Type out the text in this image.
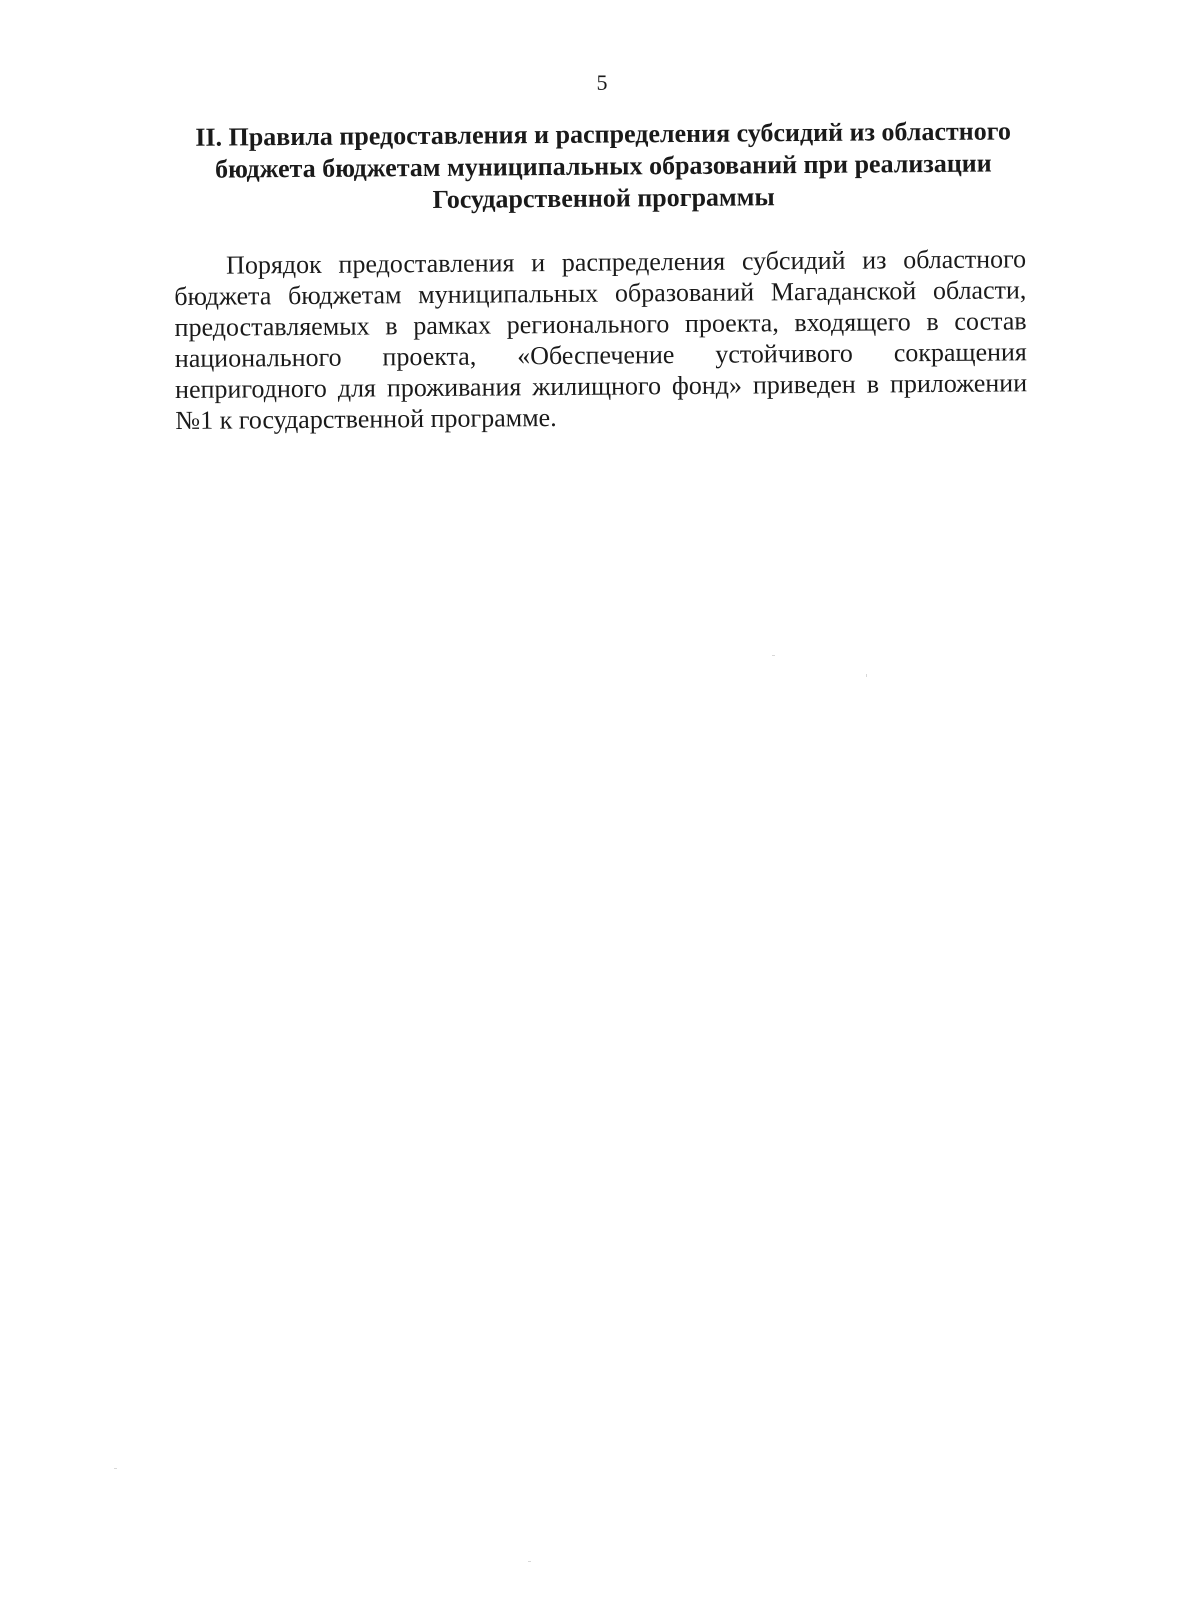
5
II. Правила предоставления и распределения субсидий из областного бюджета бюджетам муниципальных образований при реализации Государственной программы

Порядок предоставления и распределения субсидий из областного бюджета бюджетам муниципальных образований Магаданской области, предоставляемых в рамках регионального проекта, входящего в состав национального проекта, «Обеспечение устойчивого сокращения непригодного для проживания жилищного фонд» приведен в приложении №1 к государственной программе.
